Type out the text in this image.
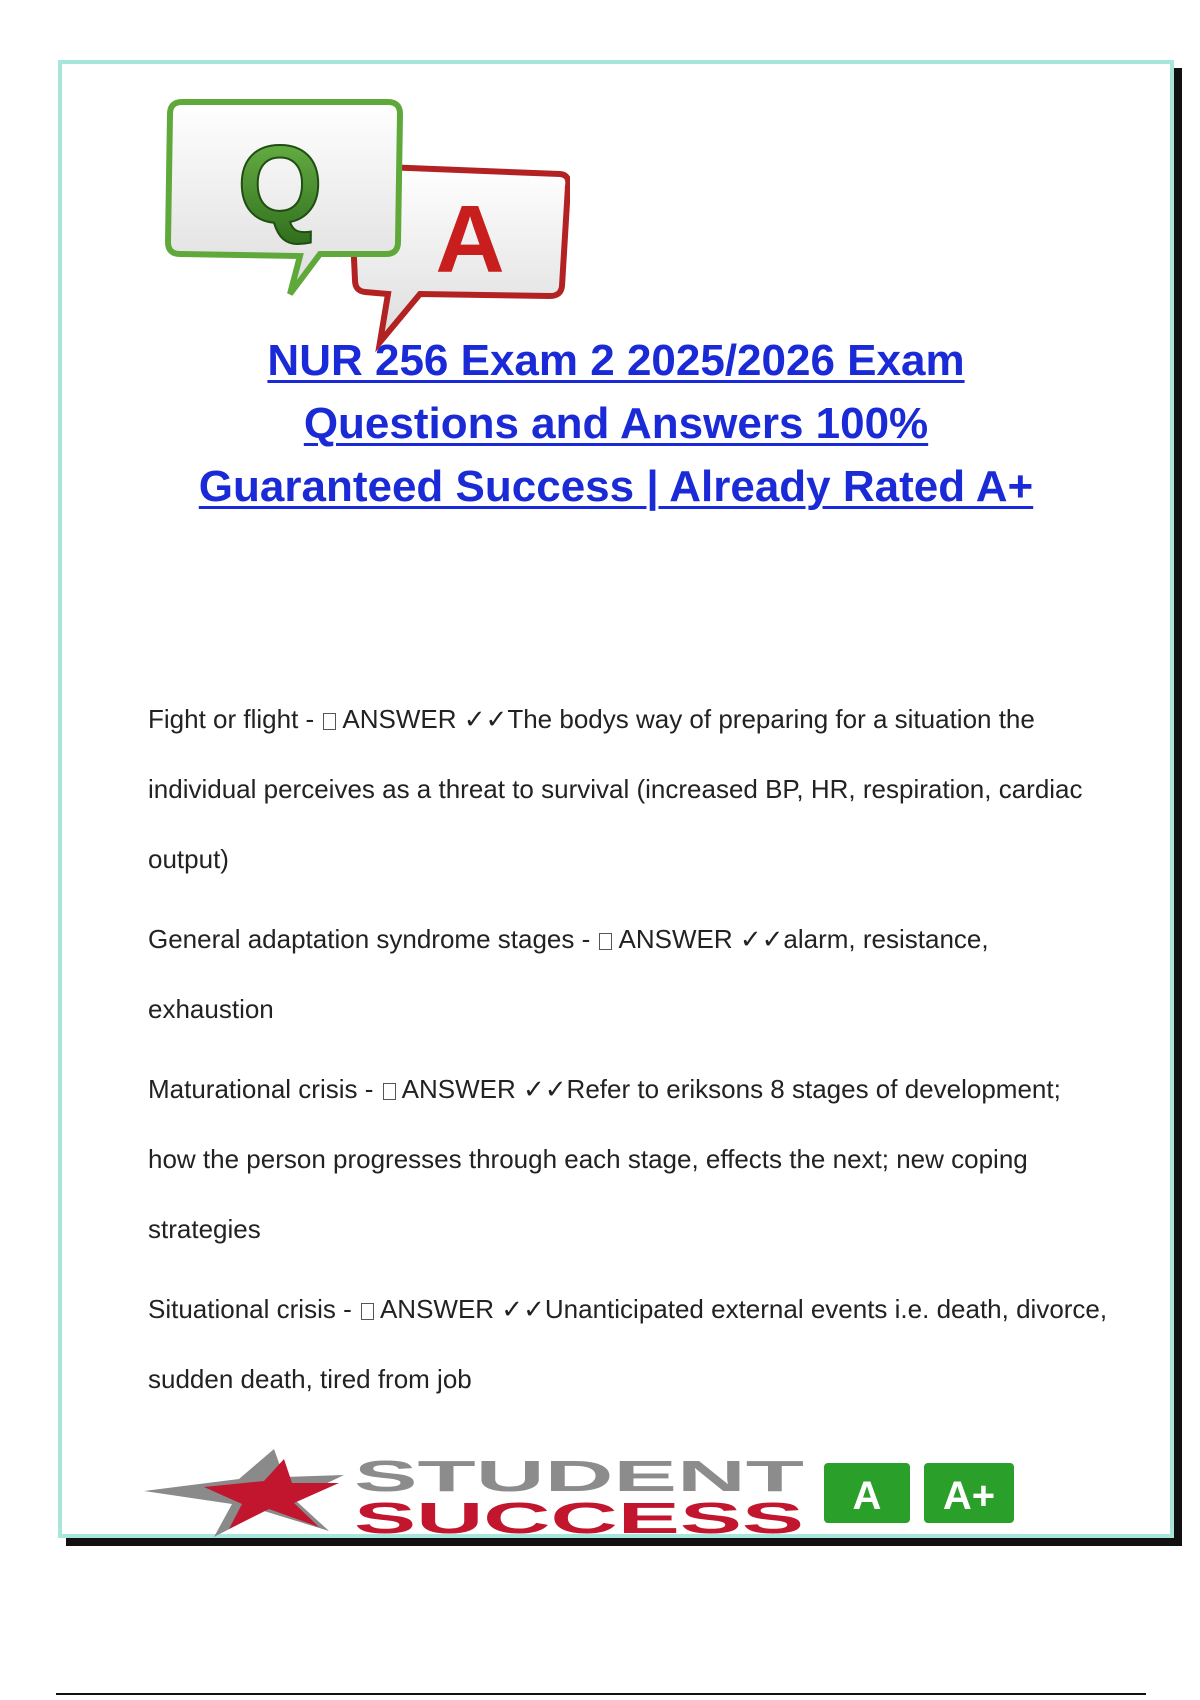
A
Q
NUR 256 Exam 2 2025/2026 Exam
Questions and Answers 100%
Guaranteed Success | Already Rated A+
Fight or flight - ANSWER ✓✓The bodys way of preparing for a situation the individual perceives as a threat to survival (increased BP, HR, respiration, cardiac output)
General adaptation syndrome stages - ANSWER ✓✓alarm, resistance, exhaustion
Maturational crisis - ANSWER ✓✓Refer to eriksons 8 stages of development; how the person progresses through each stage, effects the next; new coping strategies
Situational crisis - ANSWER ✓✓Unanticipated external events i.e. death, divorce, sudden death, tired from job
STUDENT
SUCCESS A A+
